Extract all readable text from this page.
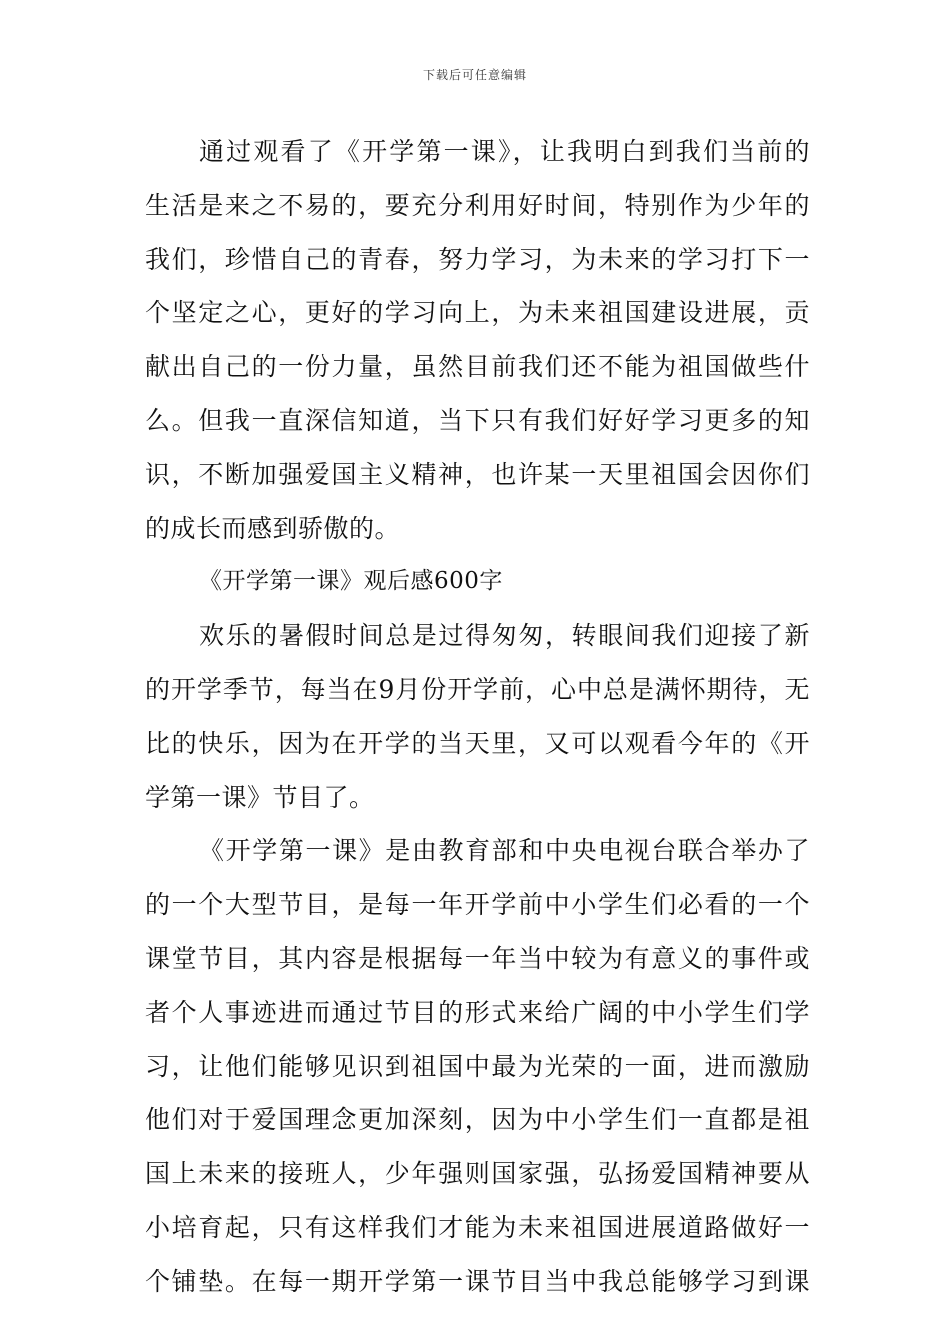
下载后可任意编辑
通过观看了《开学第一课》，让我明白到我们当前的
生活是来之不易的，要充分利用好时间，特别作为少年的
我们，珍惜自己的青春，努力学习，为未来的学习打下一
个坚定之心，更好的学习向上，为未来祖国建设进展，贡
献出自己的一份力量，虽然目前我们还不能为祖国做些什
么。但我一直深信知道，当下只有我们好好学习更多的知
识，不断加强爱国主义精神，也许某一天里祖国会因你们
的成长而感到骄傲的。
《开学第一课》观后感600字
欢乐的暑假时间总是过得匆匆，转眼间我们迎接了新
的开学季节，每当在9月份开学前，心中总是满怀期待，无
比的快乐，因为在开学的当天里，又可以观看今年的《开
学第一课》节目了。
《开学第一课》是由教育部和中央电视台联合举办了
的一个大型节目，是每一年开学前中小学生们必看的一个
课堂节目，其内容是根据每一年当中较为有意义的事件或
者个人事迹进而通过节目的形式来给广阔的中小学生们学
习，让他们能够见识到祖国中最为光荣的一面，进而激励
他们对于爱国理念更加深刻，因为中小学生们一直都是祖
国上未来的接班人，少年强则国家强，弘扬爱国精神要从
小培育起，只有这样我们才能为未来祖国进展道路做好一
个铺垫。在每一期开学第一课节目当中我总能够学习到课
